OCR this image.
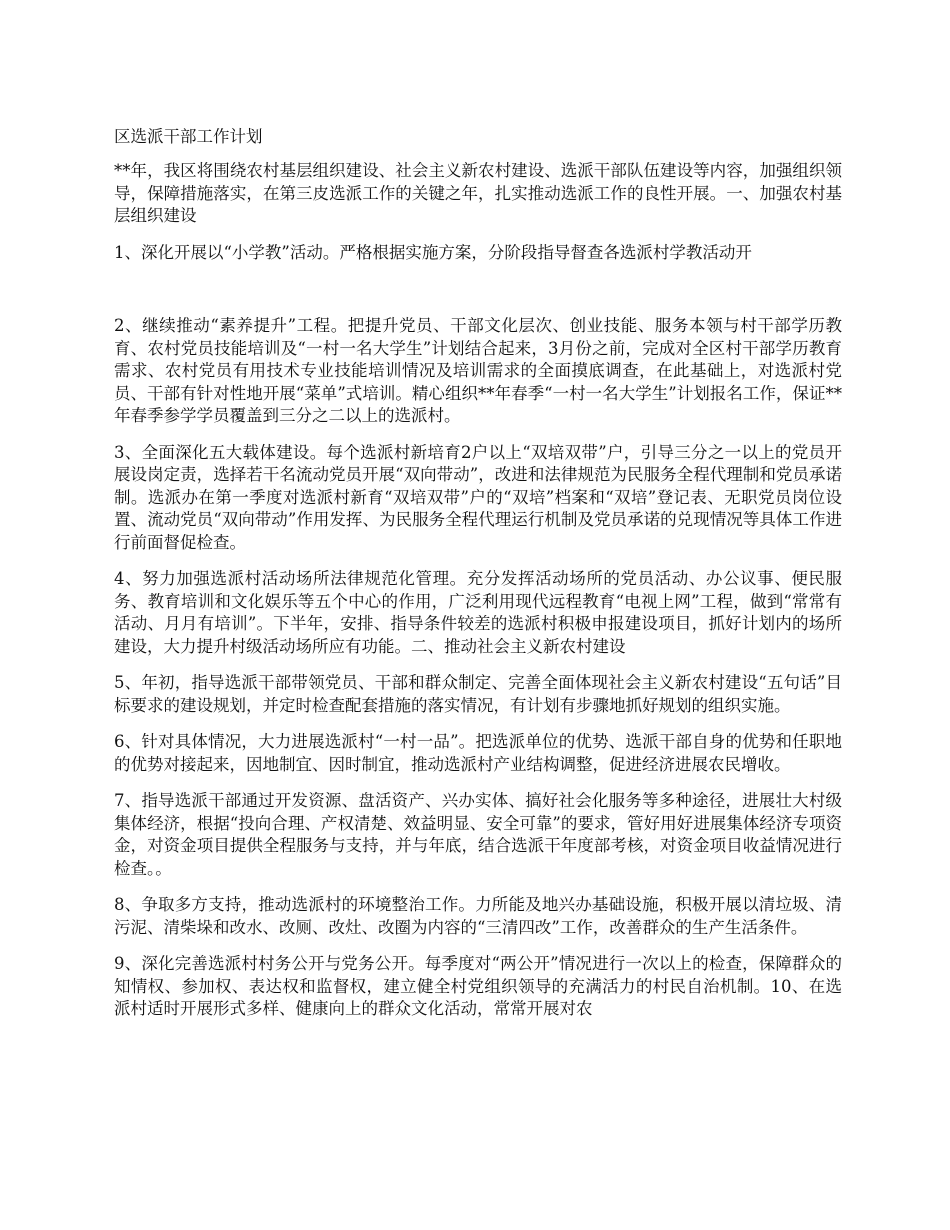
区选派干部工作计划

**年，我区将围绕农村基层组织建设、社会主义新农村建设、选派干部队伍建设等内容，加强组织领导，保障措施落实，在第三皮选派工作的关键之年，扎实推动选派工作的良性开展。一、加强农村基层组织建设

1、深化开展以“小学教”活动。严格根据实施方案，分阶段指导督查各选派村学教活动开

2、继续推动“素养提升”工程。把提升党员、干部文化层次、创业技能、服务本领与村干部学历教育、农村党员技能培训及“一村一名大学生”计划结合起来，3月份之前，完成对全区村干部学历教育需求、农村党员有用技术专业技能培训情况及培训需求的全面摸底调查，在此基础上，对选派村党员、干部有针对性地开展“菜单”式培训。精心组织**年春季“一村一名大学生”计划报名工作，保证**年春季参学学员覆盖到三分之二以上的选派村。

3、全面深化五大载体建设。每个选派村新培育2户以上“双培双带”户，引导三分之一以上的党员开展设岗定责，选择若干名流动党员开展“双向带动”，改进和法律规范为民服务全程代理制和党员承诺制。选派办在第一季度对选派村新育“双培双带”户的“双培”档案和“双培”登记表、无职党员岗位设置、流动党员“双向带动”作用发挥、为民服务全程代理运行机制及党员承诺的兑现情况等具体工作进行前面督促检查。

4、努力加强选派村活动场所法律规范化管理。充分发挥活动场所的党员活动、办公议事、便民服务、教育培训和文化娱乐等五个中心的作用，广泛利用现代远程教育“电视上网”工程，做到“常常有活动、月月有培训”。下半年，安排、指导条件较差的选派村积极申报建设项目，抓好计划内的场所建设，大力提升村级活动场所应有功能。二、推动社会主义新农村建设

5、年初，指导选派干部带领党员、干部和群众制定、完善全面体现社会主义新农村建设“五句话”目标要求的建设规划，并定时检查配套措施的落实情况，有计划有步骤地抓好规划的组织实施。

6、针对具体情况，大力进展选派村“一村一品”。把选派单位的优势、选派干部自身的优势和任职地的优势对接起来，因地制宜、因时制宜，推动选派村产业结构调整，促进经济进展农民增收。

7、指导选派干部通过开发资源、盘活资产、兴办实体、搞好社会化服务等多种途径，进展壮大村级集体经济，根据“投向合理、产权清楚、效益明显、安全可靠”的要求，管好用好进展集体经济专项资金，对资金项目提供全程服务与支持，并与年底，结合选派干年度部考核，对资金项目收益情况进行检查。。

8、争取多方支持，推动选派村的环境整治工作。力所能及地兴办基础设施，积极开展以清垃圾、清污泥、清柴垛和改水、改厕、改灶、改圈为内容的“三清四改”工作，改善群众的生产生活条件。

9、深化完善选派村村务公开与党务公开。每季度对“两公开”情况进行一次以上的检查，保障群众的知情权、参加权、表达权和监督权，建立健全村党组织领导的充满活力的村民自治机制。10、在选派村适时开展形式多样、健康向上的群众文化活动，常常开展对农
